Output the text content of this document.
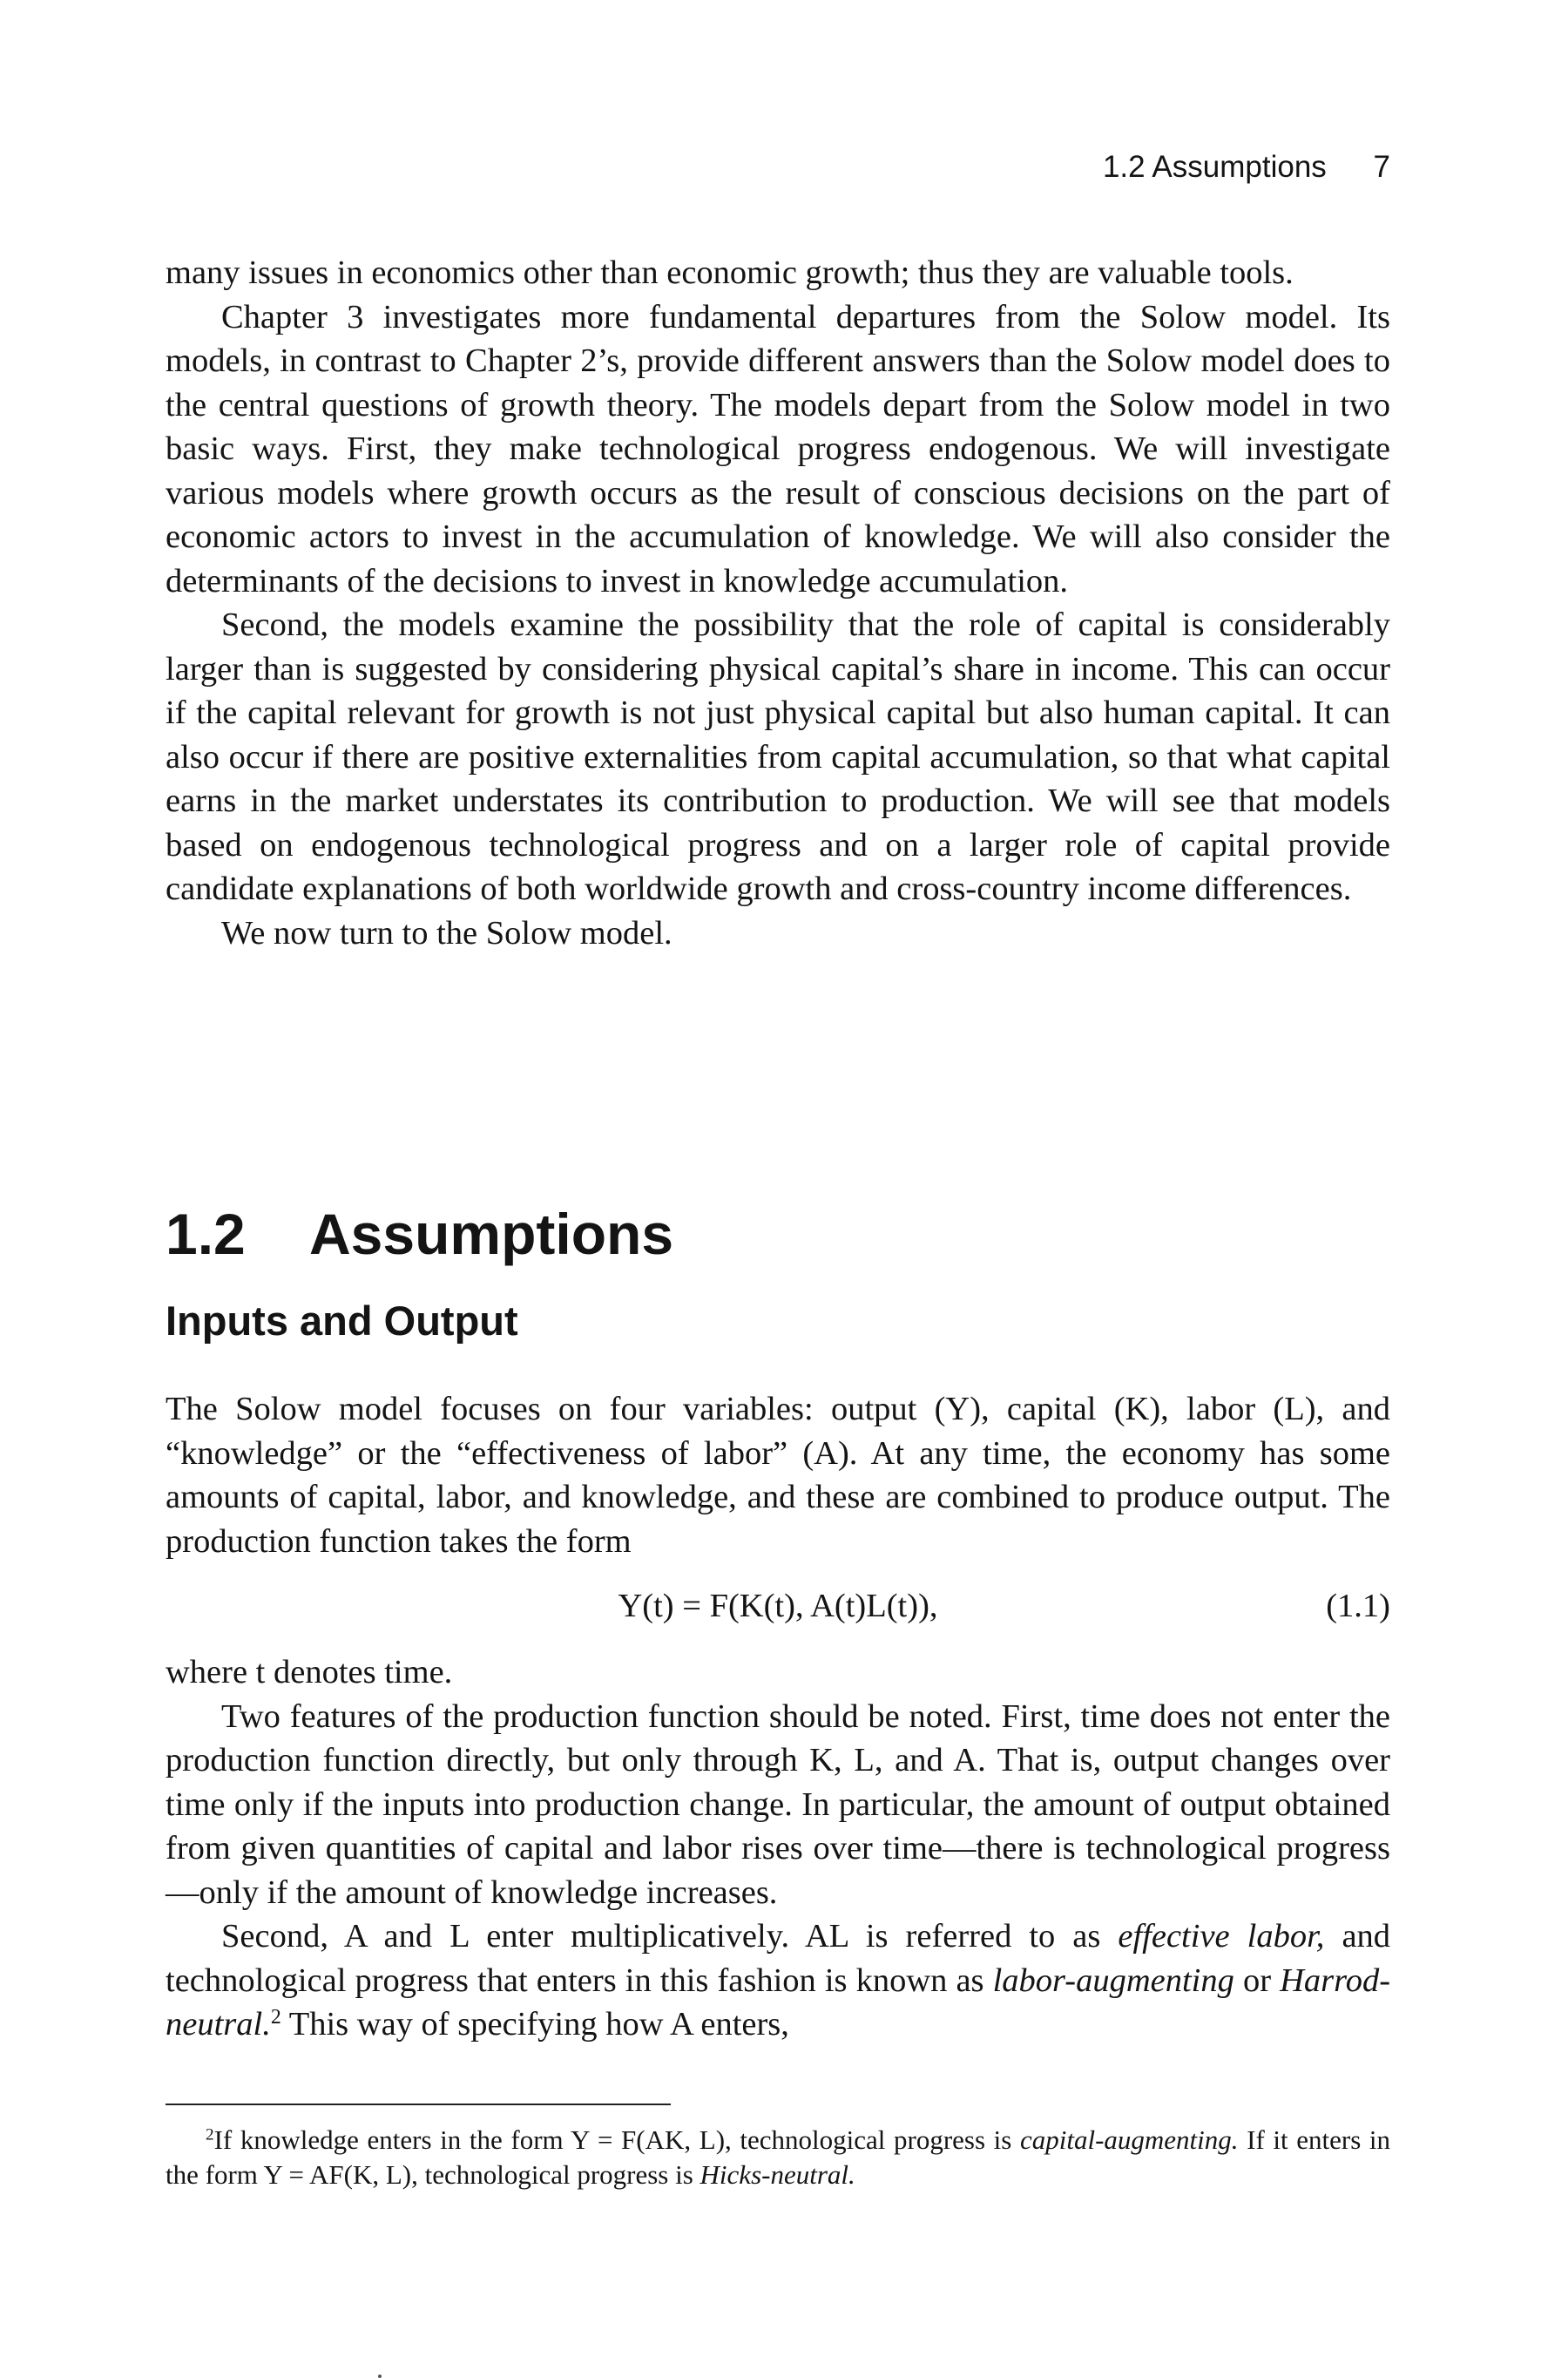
1.2 Assumptions 7

many issues in economics other than economic growth; thus they are valuable tools.

Chapter 3 investigates more fundamental departures from the Solow model. Its models, in contrast to Chapter 2’s, provide different answers than the Solow model does to the central questions of growth theory. The models depart from the Solow model in two basic ways. First, they make technological progress endogenous. We will investigate various models where growth occurs as the result of conscious decisions on the part of economic actors to invest in the accumulation of knowledge. We will also consider the determinants of the decisions to invest in knowledge accumulation.

Second, the models examine the possibility that the role of capital is considerably larger than is suggested by considering physical capital’s share in income. This can occur if the capital relevant for growth is not just physical capital but also human capital. It can also occur if there are positive externalities from capital accumulation, so that what capital earns in the market understates its contribution to production. We will see that models based on endogenous technological progress and on a larger role of capital provide candidate explanations of both worldwide growth and cross-country income differences.

We now turn to the Solow model.

1.2 Assumptions
Inputs and Output

The Solow model focuses on four variables: output (Y), capital (K), labor (L), and “knowledge” or the “effectiveness of labor” (A). At any time, the economy has some amounts of capital, labor, and knowledge, and these are combined to produce output. The production function takes the form

Y(t) = F(K(t), A(t)L(t)),	(1.1)

where t denotes time.

Two features of the production function should be noted. First, time does not enter the production function directly, but only through K, L, and A. That is, output changes over time only if the inputs into production change. In particular, the amount of output obtained from given quantities of capital and labor rises over time—there is technological progress—only if the amount of knowledge increases.

Second, A and L enter multiplicatively. AL is referred to as effective labor, and technological progress that enters in this fashion is known as labor-augmenting or Harrod-neutral.$^2$ This way of specifying how A enters,

$^2$If knowledge enters in the form Y = F(AK, L), technological progress is capital-augmenting. If it enters in the form Y = AF(K, L), technological progress is Hicks-neutral.
